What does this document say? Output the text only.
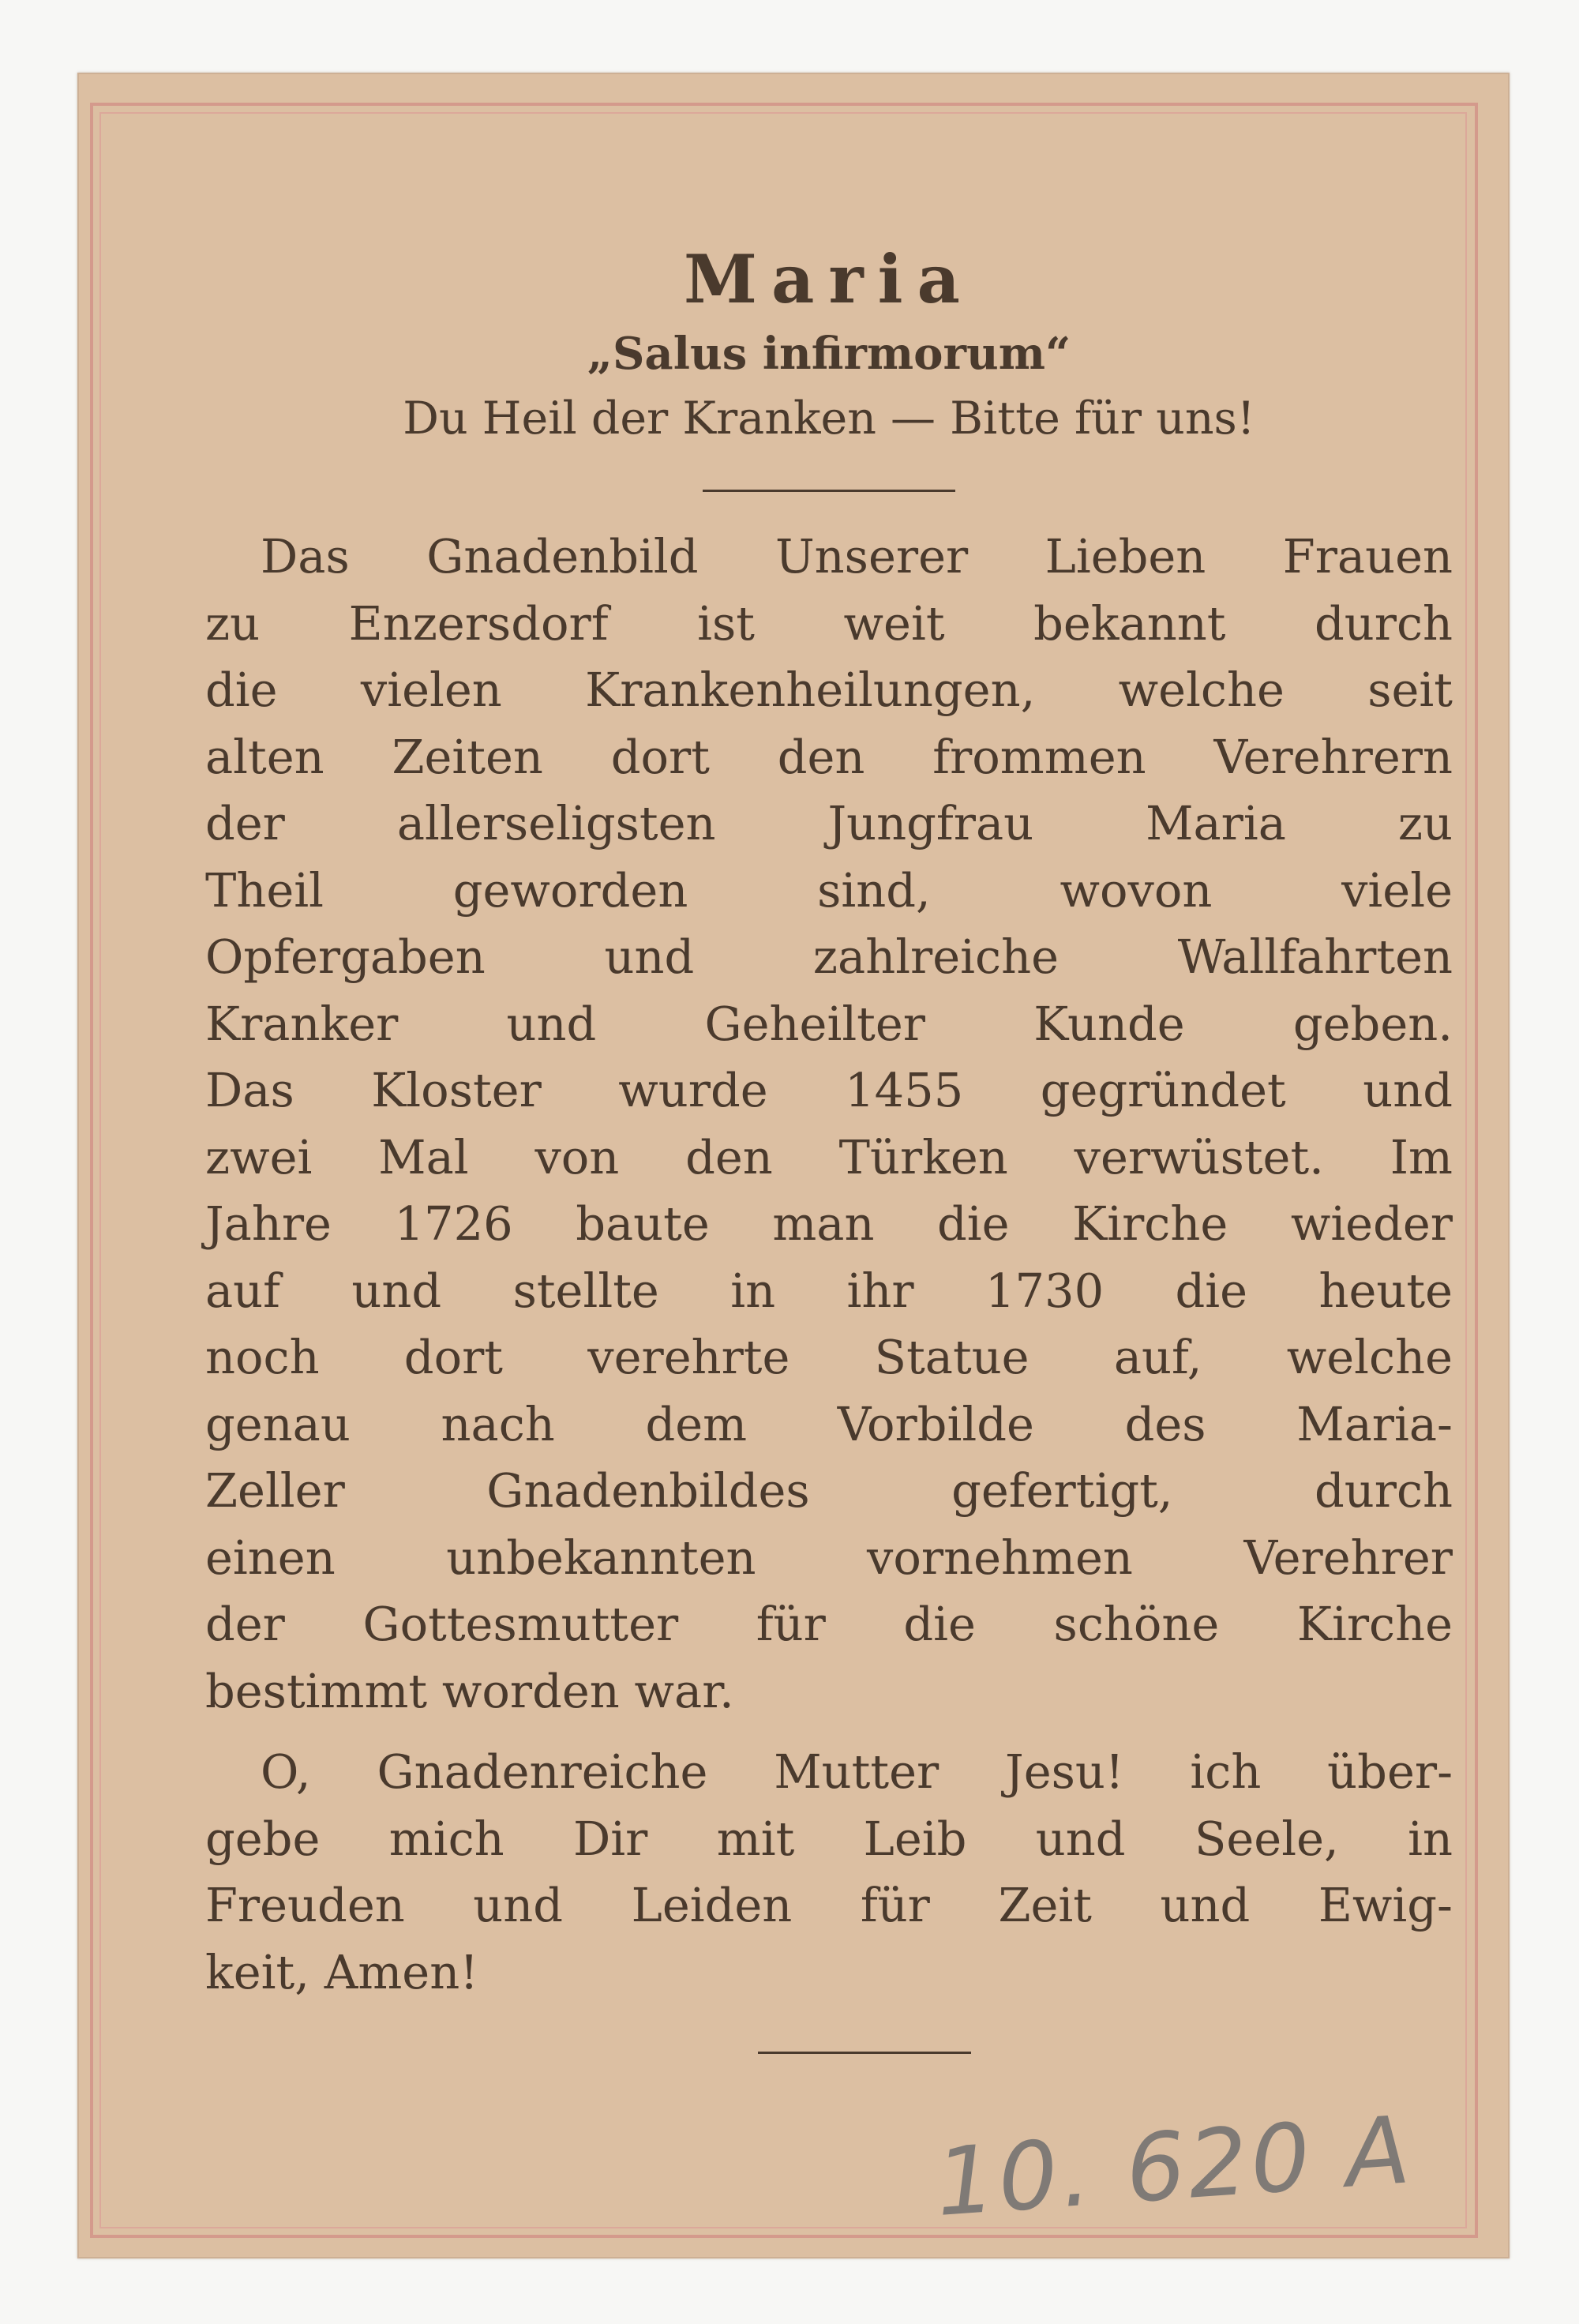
Maria
„Salus infirmorum“
Du Heil der Kranken — Bitte für uns!

Das Gnadenbild Unserer Lieben Frauen
zu Enzersdorf ist weit bekannt durch
die vielen Krankenheilungen, welche seit
alten Zeiten dort den frommen Verehrern
der allerseligsten Jungfrau Maria zu
Theil geworden sind, wovon viele
Opfergaben und zahlreiche Wallfahrten
Kranker und Geheilter Kunde geben.
Das Kloster wurde 1455 gegründet und
zwei Mal von den Türken verwüstet. Im
Jahre 1726 baute man die Kirche wieder
auf und stellte in ihr 1730 die heute
noch dort verehrte Statue auf, welche
genau nach dem Vorbilde des Maria-
Zeller Gnadenbildes gefertigt, durch
einen unbekannten vornehmen Verehrer
der Gottesmutter für die schöne Kirche
bestimmt worden war.

O, Gnadenreiche Mutter Jesu! ich über-
gebe mich Dir mit Leib und Seele, in
Freuden und Leiden für Zeit und Ewig-
keit, Amen!

10. 620 A
